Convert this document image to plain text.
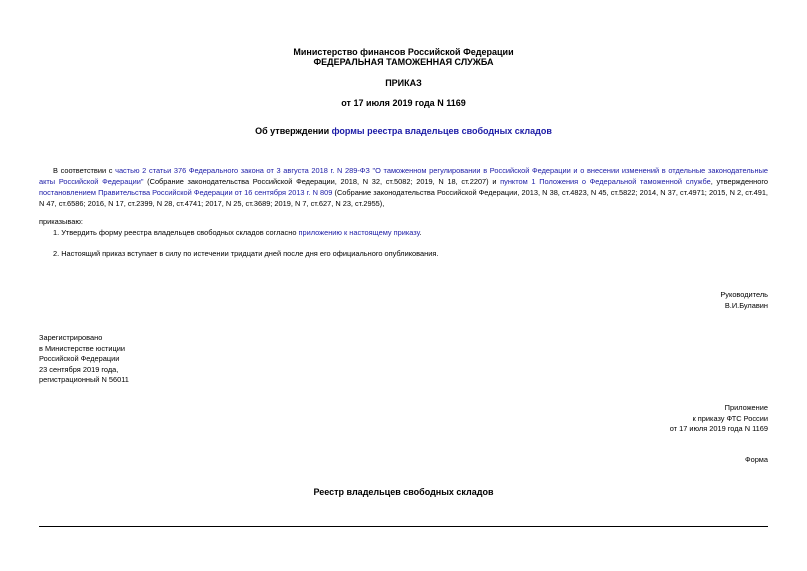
Министерство финансов Российской Федерации
ФЕДЕРАЛЬНАЯ ТАМОЖЕННАЯ СЛУЖБА
ПРИКАЗ
от 17 июля 2019 года N 1169
Об утверждении формы реестра владельцев свободных складов
В соответствии с частью 2 статьи 376 Федерального закона от 3 августа 2018 г. N 289-ФЗ "О таможенном регулировании в Российской Федерации и о внесении изменений в отдельные законодательные акты Российской Федерации" (Собрание законодательства Российской Федерации, 2018, N 32, ст.5082; 2019, N 18, ст.2207) и пунктом 1 Положения о Федеральной таможенной службе, утвержденного постановлением Правительства Российской Федерации от 16 сентября 2013 г. N 809 (Собрание законодательства Российской Федерации, 2013, N 38, ст.4823, N 45, ст.5822; 2014, N 37, ст.4971; 2015, N 2, ст.491, N 47, ст.6586; 2016, N 17, ст.2399, N 28, ст.4741; 2017, N 25, ст.3689; 2019, N 7, ст.627, N 23, ст.2955),
приказываю:
1. Утвердить форму реестра владельцев свободных складов согласно приложению к настоящему приказу.
2. Настоящий приказ вступает в силу по истечении тридцати дней после дня его официального опубликования.
Руководитель
В.И.Булавин
Зарегистрировано
в Министерстве юстиции
Российской Федерации
23 сентября 2019 года,
регистрационный N 56011
Приложение
к приказу ФТС России
от 17 июля 2019 года N 1169
Форма
Реестр владельцев свободных складов
